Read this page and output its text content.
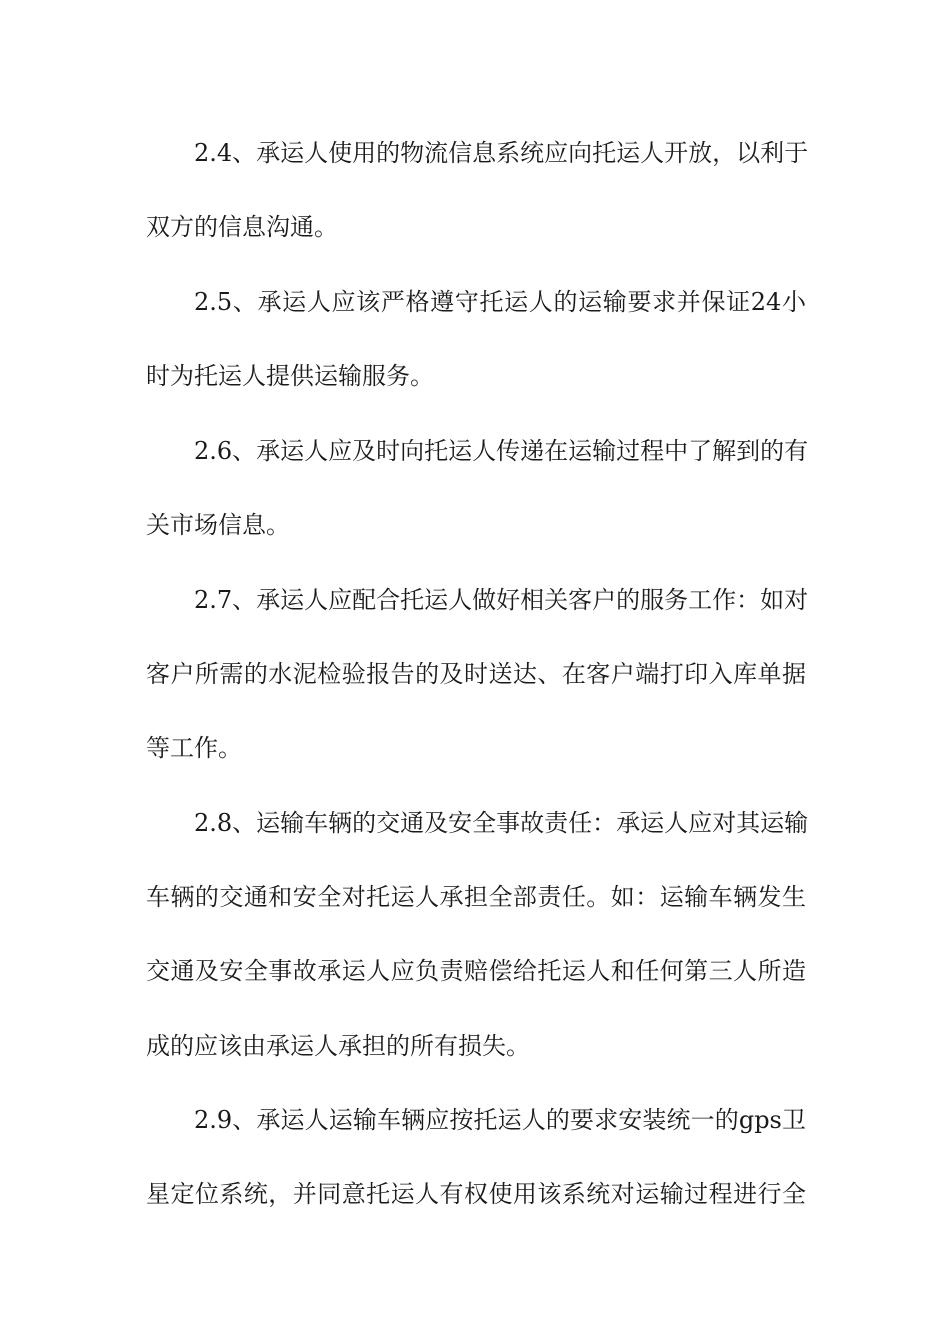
2.4、承运人使用的物流信息系统应向托运人开放，以利于
双方的信息沟通。
2.5、承运人应该严格遵守托运人的运输要求并保证24小
时为托运人提供运输服务。
2.6、承运人应及时向托运人传递在运输过程中了解到的有
关市场信息。
2.7、承运人应配合托运人做好相关客户的服务工作：如对
客户所需的水泥检验报告的及时送达、在客户端打印入库单据
等工作。
2.8、运输车辆的交通及安全事故责任：承运人应对其运输
车辆的交通和安全对托运人承担全部责任。如：运输车辆发生
交通及安全事故承运人应负责赔偿给托运人和任何第三人所造
成的应该由承运人承担的所有损失。
2.9、承运人运输车辆应按托运人的要求安装统一的gps卫
星定位系统，并同意托运人有权使用该系统对运输过程进行全
